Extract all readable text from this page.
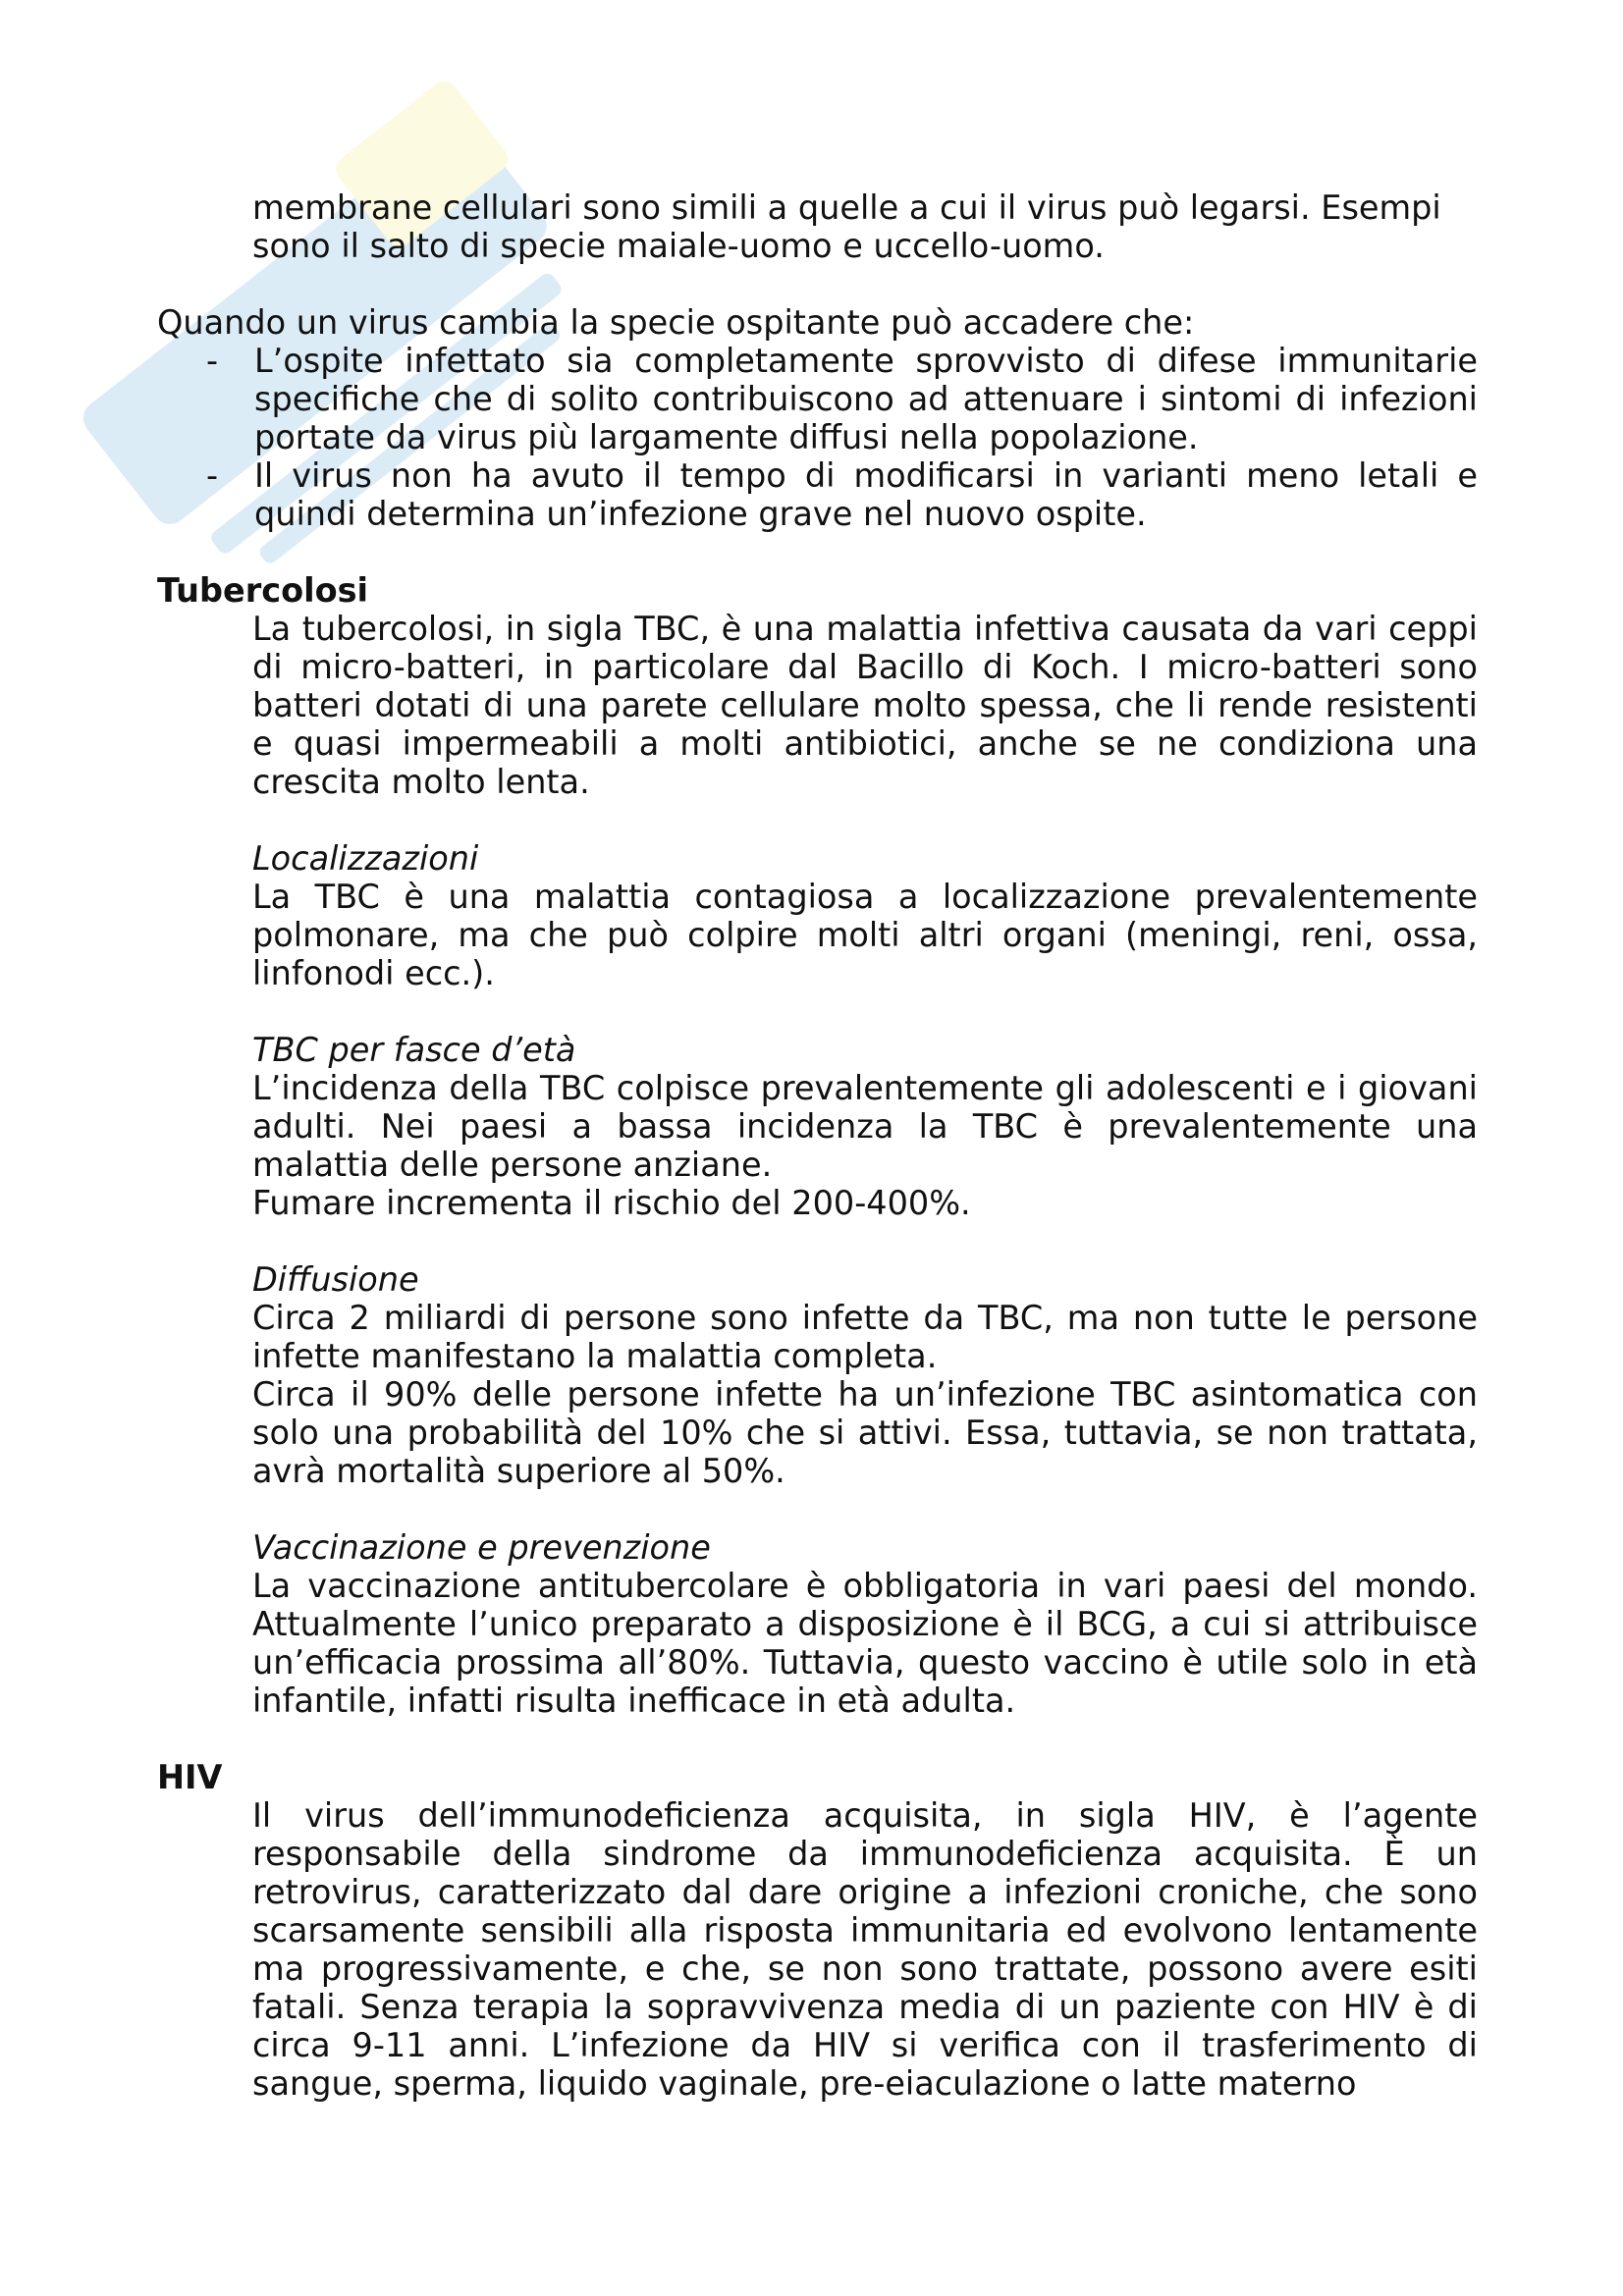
membrane cellulari sono simili a quelle a cui il virus può legarsi. Esempi

sono il salto di specie maiale-uomo e uccello-uomo.

Quando un virus cambia la specie ospitante può accadere che:

- L’ospite infettato sia completamente sprovvisto di difese immunitarie specifiche che di solito contribuiscono ad attenuare i sintomi di infezioni portate da virus più largamente diffusi nella popolazione.
- Il virus non ha avuto il tempo di modificarsi in varianti meno letali e quindi determina un’infezione grave nel nuovo ospite.

Tubercolosi

La tubercolosi, in sigla TBC, è una malattia infettiva causata da vari ceppi di micro-batteri, in particolare dal Bacillo di Koch. I micro-batteri sono batteri dotati di una parete cellulare molto spessa, che li rende resistenti e quasi impermeabili a molti antibiotici, anche se ne condiziona una crescita molto lenta.

Localizzazioni

La TBC è una malattia contagiosa a localizzazione prevalentemente polmonare, ma che può colpire molti altri organi (meningi, reni, ossa, linfonodi ecc.).

TBC per fasce d’età

L’incidenza della TBC colpisce prevalentemente gli adolescenti e i giovani adulti. Nei paesi a bassa incidenza la TBC è prevalentemente una malattia delle persone anziane.

Fumare incrementa il rischio del 200-400%.

Diffusione

Circa 2 miliardi di persone sono infette da TBC, ma non tutte le persone infette manifestano la malattia completa.

Circa il 90% delle persone infette ha un’infezione TBC asintomatica con solo una probabilità del 10% che si attivi. Essa, tuttavia, se non trattata, avrà mortalità superiore al 50%.

Vaccinazione e prevenzione

La vaccinazione antitubercolare è obbligatoria in vari paesi del mondo. Attualmente l’unico preparato a disposizione è il BCG, a cui si attribuisce un’efficacia prossima all’80%. Tuttavia, questo vaccino è utile solo in età infantile, infatti risulta inefficace in età adulta.

HIV

Il virus dell’immunodeficienza acquisita, in sigla HIV, è l’agente responsabile della sindrome da immunodeficienza acquisita. È un retrovirus, caratterizzato dal dare origine a infezioni croniche, che sono scarsamente sensibili alla risposta immunitaria ed evolvono lentamente ma progressivamente, e che, se non sono trattate, possono avere esiti fatali. Senza terapia la sopravvivenza media di un paziente con HIV è di circa 9-11 anni. L’infezione da HIV si verifica con il trasferimento di sangue, sperma, liquido vaginale, pre-eiaculazione o latte materno
